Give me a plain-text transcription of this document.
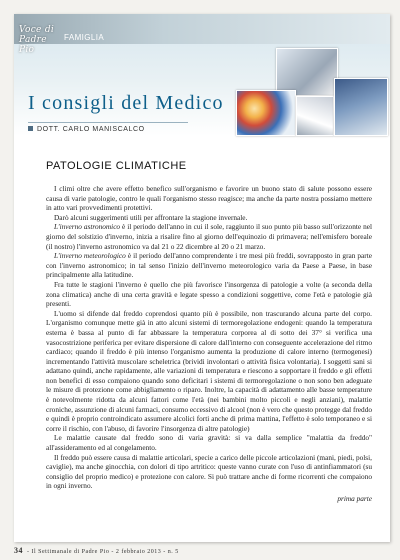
Voce di Padre Pio
FAMIGLIA
I consigli del Medico
DOTT. CARLO MANISCALCO
PATOLOGIE CLIMATICHE

I climi oltre che avere effetto benefico sull'organismo e favorire un buono stato di salute possono essere causa di varie patologie, contro le quali l'organismo stesso reagisce; ma anche da parte nostra possiamo mettere in atto vari provvedimenti protettivi.

Darò alcuni suggerimenti utili per affrontare la stagione invernale.

L'inverno astronomico è il periodo dell'anno in cui il sole, raggiunto il suo punto più basso sull'orizzonte nel giorno del solstizio d'inverno, inizia a risalire fino al giorno dell'equinozio di primavera; nell'emisfero boreale (il nostro) l'inverno astronomico va dal 21 o 22 dicembre al 20 o 21 marzo.

L'inverno meteorologico è il periodo dell'anno comprendente i tre mesi più freddi, sovrapposto in gran parte con l'inverno astronomico; in tal senso l'inizio dell'inverno meteorologico varia da Paese a Paese, in base principalmente alla latitudine.

Fra tutte le stagioni l'inverno è quello che più favorisce l'insorgenza di patologie a volte (a seconda della zona climatica) anche di una certa gravità e legate spesso a condizioni soggettive, come l'età e patologie già presenti.

L'uomo si difende dal freddo coprendosi quanto più è possibile, non trascurando alcuna parte del corpo. L'organismo comunque mette già in atto alcuni sistemi di termoregolazione endogeni: quando la temperatura esterna è bassa al punto di far abbassare la temperatura corporea al di sotto dei 37° si verifica una vasocostrizione periferica per evitare dispersione di calore dall'interno con conseguente accelerazione del ritmo cardiaco; quando il freddo è più intenso l'organismo aumenta la produzione di calore interno (termogenesi) incrementando l'attività muscolare scheletrica (brividi involontari o attività fisica volontaria). I soggetti sani si adattano quindi, anche rapidamente, alle variazioni di temperatura e riescono a sopportare il freddo e gli effetti non benefici di esso compaiono quando sono deficitari i sistemi di termoregolazione o non sono ben adeguate le misure di protezione come abbigliamento o riparo. Inoltre, la capacità di adattamento alle basse temperature è notevolmente ridotta da alcuni fattori come l'età (nei bambini molto piccoli e negli anziani), malattie croniche, assunzione di alcuni farmaci, consumo eccessivo di alcool (non è vero che questo protegge dal freddo e quindi è proprio controindicato assumere alcolici forti anche di prima mattina, l'effetto è solo temporaneo e si corre il rischio, con l'abuso, di favorire l'insorgenza di altre patologie)

Le malattie causate dal freddo sono di varia gravità: si va dalla semplice "malattia da freddo" all'assideramento ed al congelamento.

Il freddo può essere causa di malattie articolari, specie a carico delle piccole articolazioni (mani, piedi, polsi, caviglie), ma anche ginocchia, con dolori di tipo artritico: queste vanno curate con l'uso di antinfiammatori (su consiglio del proprio medico) e protezione con calore. Si può trattare anche di forme ricorrenti che compaiono in ogni inverno.

prima parte

34 - Il Settimanale di Padre Pio - 2 febbraio 2013 - n. 5
